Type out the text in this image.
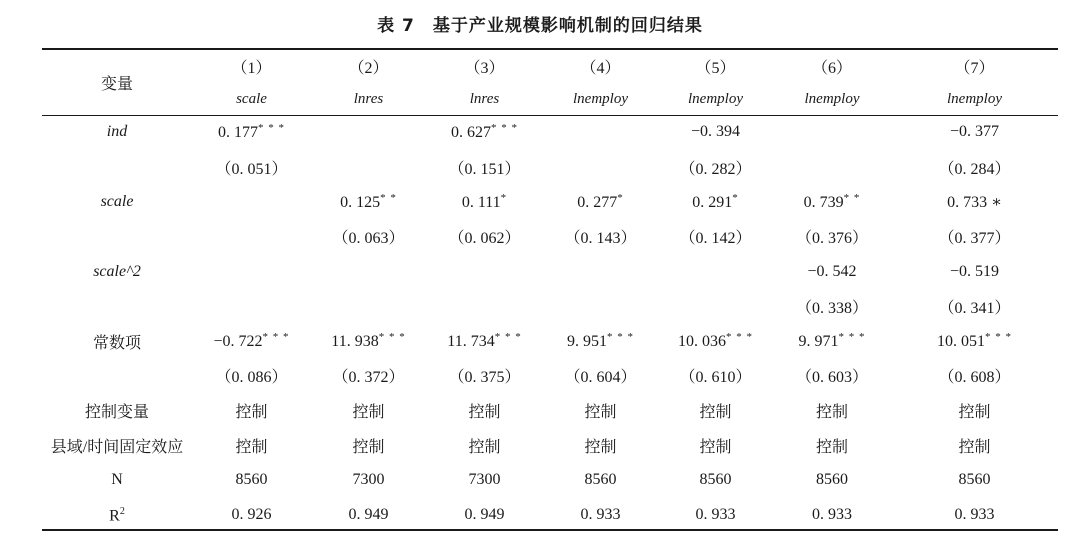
表 7　基于产业规模影响机制的回归结果
变量	（1）	（2）	（3）	（4）	（5）	（6）	（7）
	scale	lnres	lnres	lnemploy	lnemploy	lnemploy	lnemploy
ind	0. 177* * *		0. 627* * *		−0. 394		−0. 377
	（0. 051）		（0. 151）		（0. 282）		（0. 284）
scale		0. 125* *	0. 111*	0. 277*	0. 291*	0. 739* *	0. 733 ∗
		（0. 063）	（0. 062）	（0. 143）	（0. 142）	（0. 376）	（0. 377）
scale^2						−0. 542	−0. 519
						（0. 338）	（0. 341）
常数项	−0. 722* * *	11. 938* * *	11. 734* * *	9. 951* * *	10. 036* * *	9. 971* * *	10. 051* * *
	（0. 086）	（0. 372）	（0. 375）	（0. 604）	（0. 610）	（0. 603）	（0. 608）
控制变量	控制	控制	控制	控制	控制	控制	控制
县域/时间固定效应	控制	控制	控制	控制	控制	控制	控制
N	8560	7300	7300	8560	8560	8560	8560
$R^2$	0. 926	0. 949	0. 949	0. 933	0. 933	0. 933	0. 933
